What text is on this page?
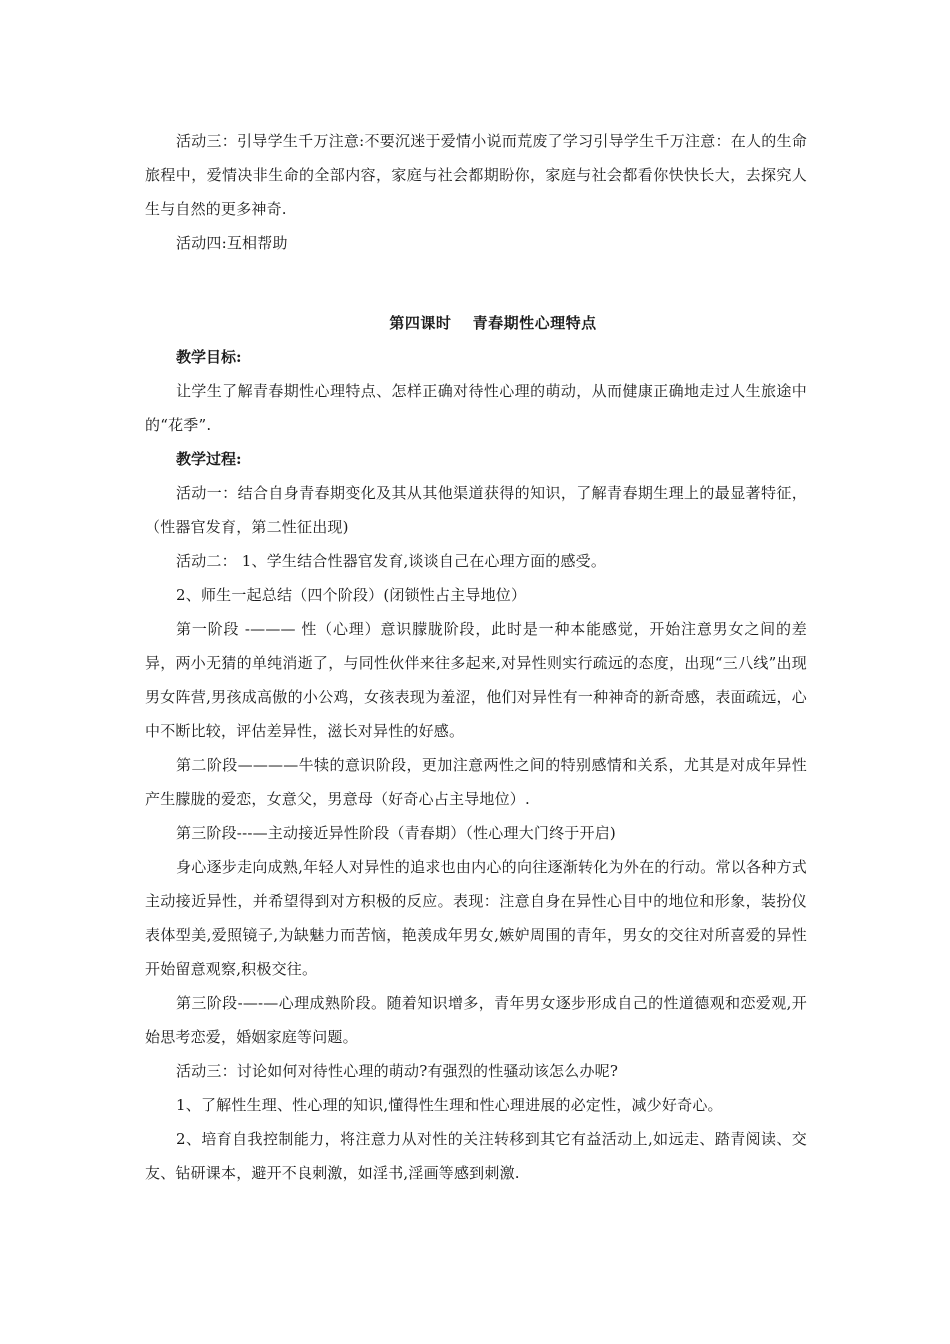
活动三：引导学生千万注意:不要沉迷于爱情小说而荒废了学习引导学生千万注意：在人的生命旅程中，爱情决非生命的全部内容，家庭与社会都期盼你，家庭与社会都看你快快长大，去探究人生与自然的更多神奇.

活动四:互相帮助

第四课时　 青春期性心理特点
教学目标:

让学生了解青春期性心理特点、怎样正确对待性心理的萌动，从而健康正确地走过人生旅途中的“花季”.

教学过程:

活动一：结合自身青春期变化及其从其他渠道获得的知识，了解青春期生理上的最显著特征，（性器官发育，第二性征出现)

活动二： 1、学生结合性器官发育,谈谈自己在心理方面的感受。

2、师生一起总结（四个阶段）(闭锁性占主导地位）

第一阶段 -——— 性（心理）意识朦胧阶段，此时是一种本能感觉，开始注意男女之间的差异，两小无猜的单纯消逝了，与同性伙伴来往多起来,对异性则实行疏远的态度，出现“三八线”出现男女阵营,男孩成高傲的小公鸡，女孩表现为羞涩，他们对异性有一种神奇的新奇感，表面疏远，心中不断比较，评估差异性，滋长对异性的好感。

第二阶段————牛犊的意识阶段，更加注意两性之间的特别感情和关系，尤其是对成年异性产生朦胧的爱恋，女意父，男意母（好奇心占主导地位）.

第三阶段---—主动接近异性阶段（青春期）（性心理大门终于开启)

身心逐步走向成熟,年轻人对异性的追求也由内心的向往逐渐转化为外在的行动。常以各种方式主动接近异性，并希望得到对方积极的反应。表现：注意自身在异性心目中的地位和形象，装扮仪表体型美,爱照镜子,为缺魅力而苦恼，艳羡成年男女,嫉妒周围的青年，男女的交往对所喜爱的异性开始留意观察,积极交往。

第三阶段-—-—心理成熟阶段。随着知识增多，青年男女逐步形成自己的性道德观和恋爱观,开始思考恋爱，婚姻家庭等问题。

活动三：讨论如何对待性心理的萌动?有强烈的性骚动该怎么办呢?

1、了解性生理、性心理的知识,懂得性生理和性心理进展的必定性，减少好奇心。

2、培育自我控制能力，将注意力从对性的关注转移到其它有益活动上,如远走、踏青阅读、交友、钻研课本，避开不良刺激，如淫书,淫画等感到刺激.
